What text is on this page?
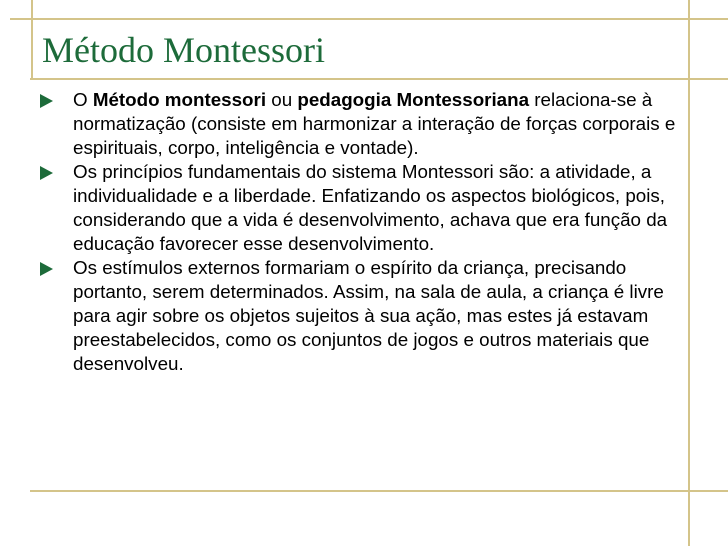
Método Montessori
O Método montessori ou pedagogia Montessoriana relaciona-se à normatização (consiste em harmonizar a interação de forças corporais e espirituais, corpo, inteligência e vontade).
Os princípios fundamentais do sistema Montessori são: a atividade, a individualidade e a liberdade. Enfatizando os aspectos biológicos, pois, considerando que a vida é desenvolvimento, achava que era função da educação favorecer esse desenvolvimento.
Os estímulos externos formariam o espírito da criança, precisando portanto, serem determinados. Assim, na sala de aula, a criança é livre para agir sobre os objetos sujeitos à sua ação, mas estes já estavam preestabelecidos, como os conjuntos de jogos e outros materiais que desenvolveu.
